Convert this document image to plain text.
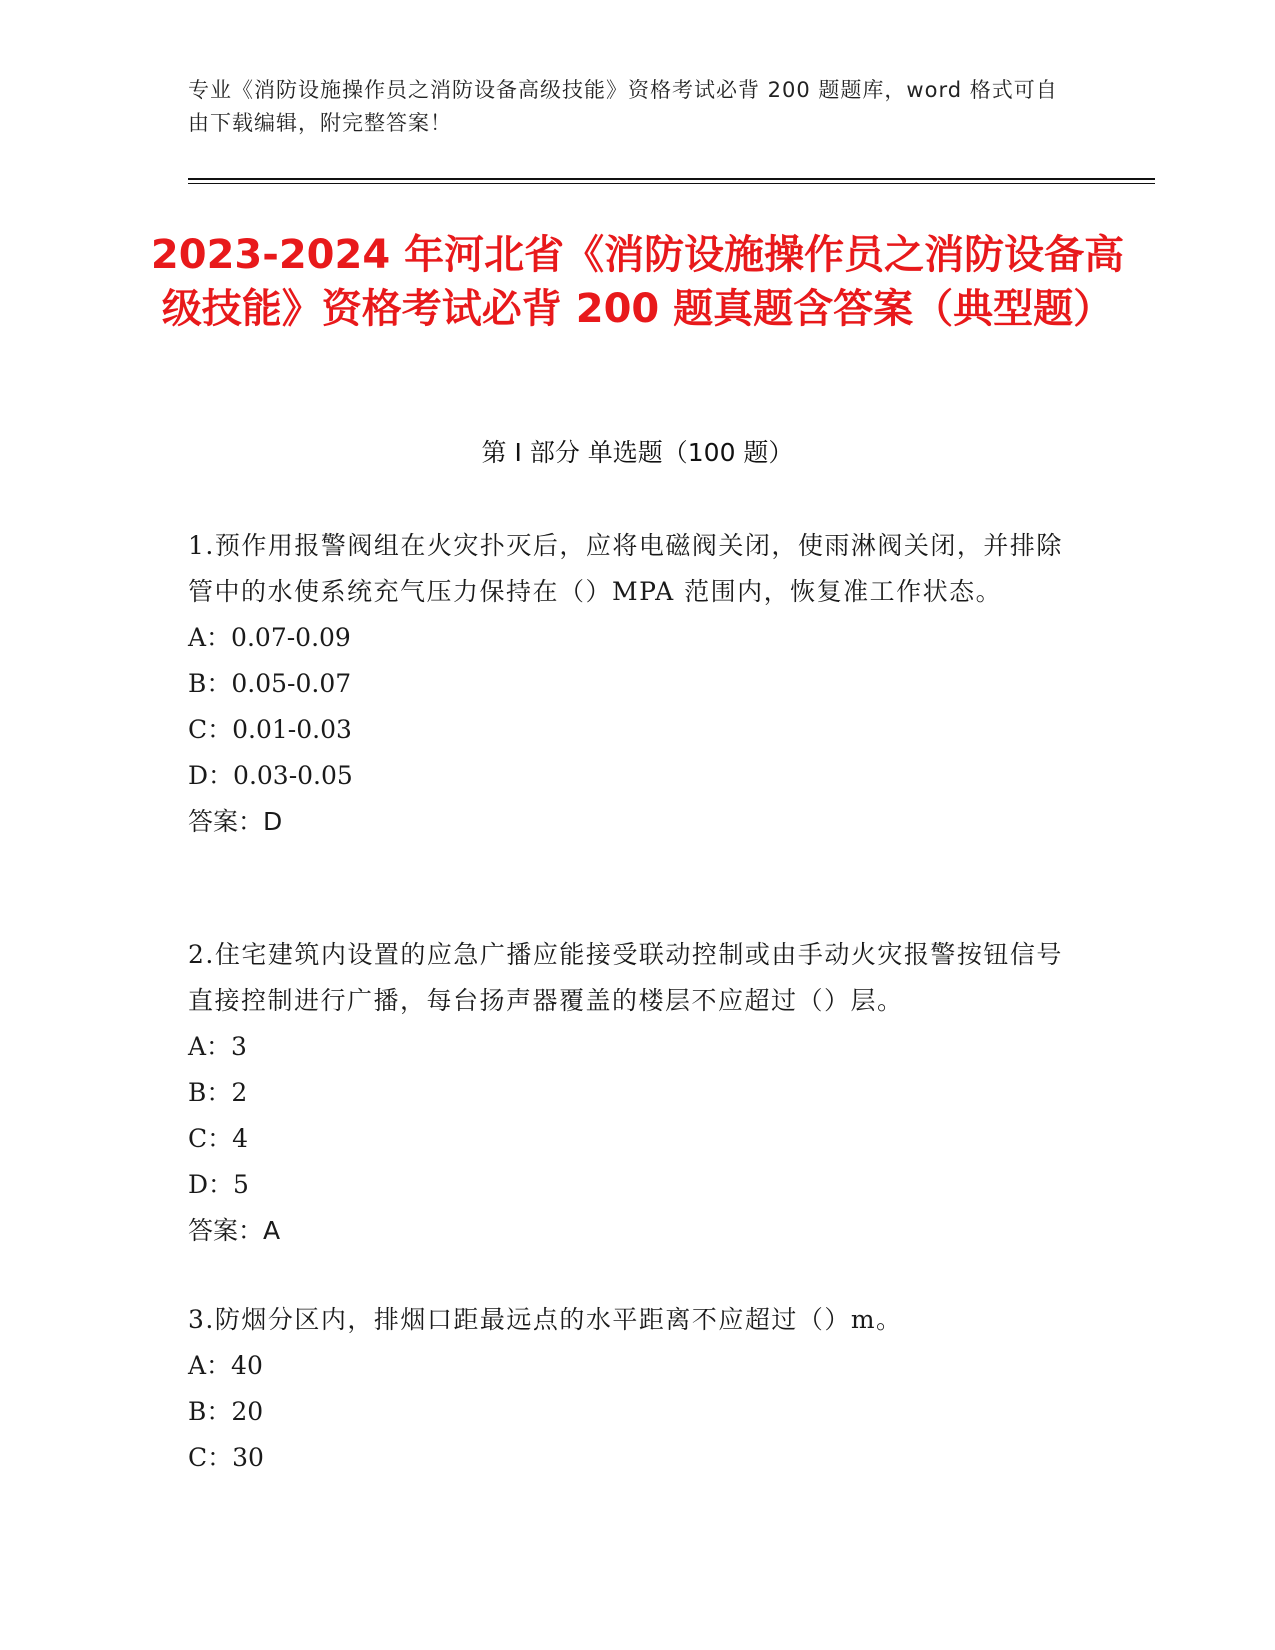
专业《消防设施操作员之消防设备高级技能》资格考试必背 200 题题库，word 格式可自由下载编辑，附完整答案！
2023-2024 年河北省《消防设施操作员之消防设备高级技能》资格考试必背 200 题真题含答案（典型题）
第 I 部分 单选题（100 题）
1.预作用报警阀组在火灾扑灭后，应将电磁阀关闭，使雨淋阀关闭，并排除管中的水使系统充气压力保持在（）MPA 范围内，恢复准工作状态。
A：0.07-0.09
B：0.05-0.07
C：0.01-0.03
D：0.03-0.05
答案：D
2.住宅建筑内设置的应急广播应能接受联动控制或由手动火灾报警按钮信号直接控制进行广播，每台扬声器覆盖的楼层不应超过（）层。
A：3
B：2
C：4
D：5
答案：A
3.防烟分区内，排烟口距最远点的水平距离不应超过（）m。
A：40
B：20
C：30
